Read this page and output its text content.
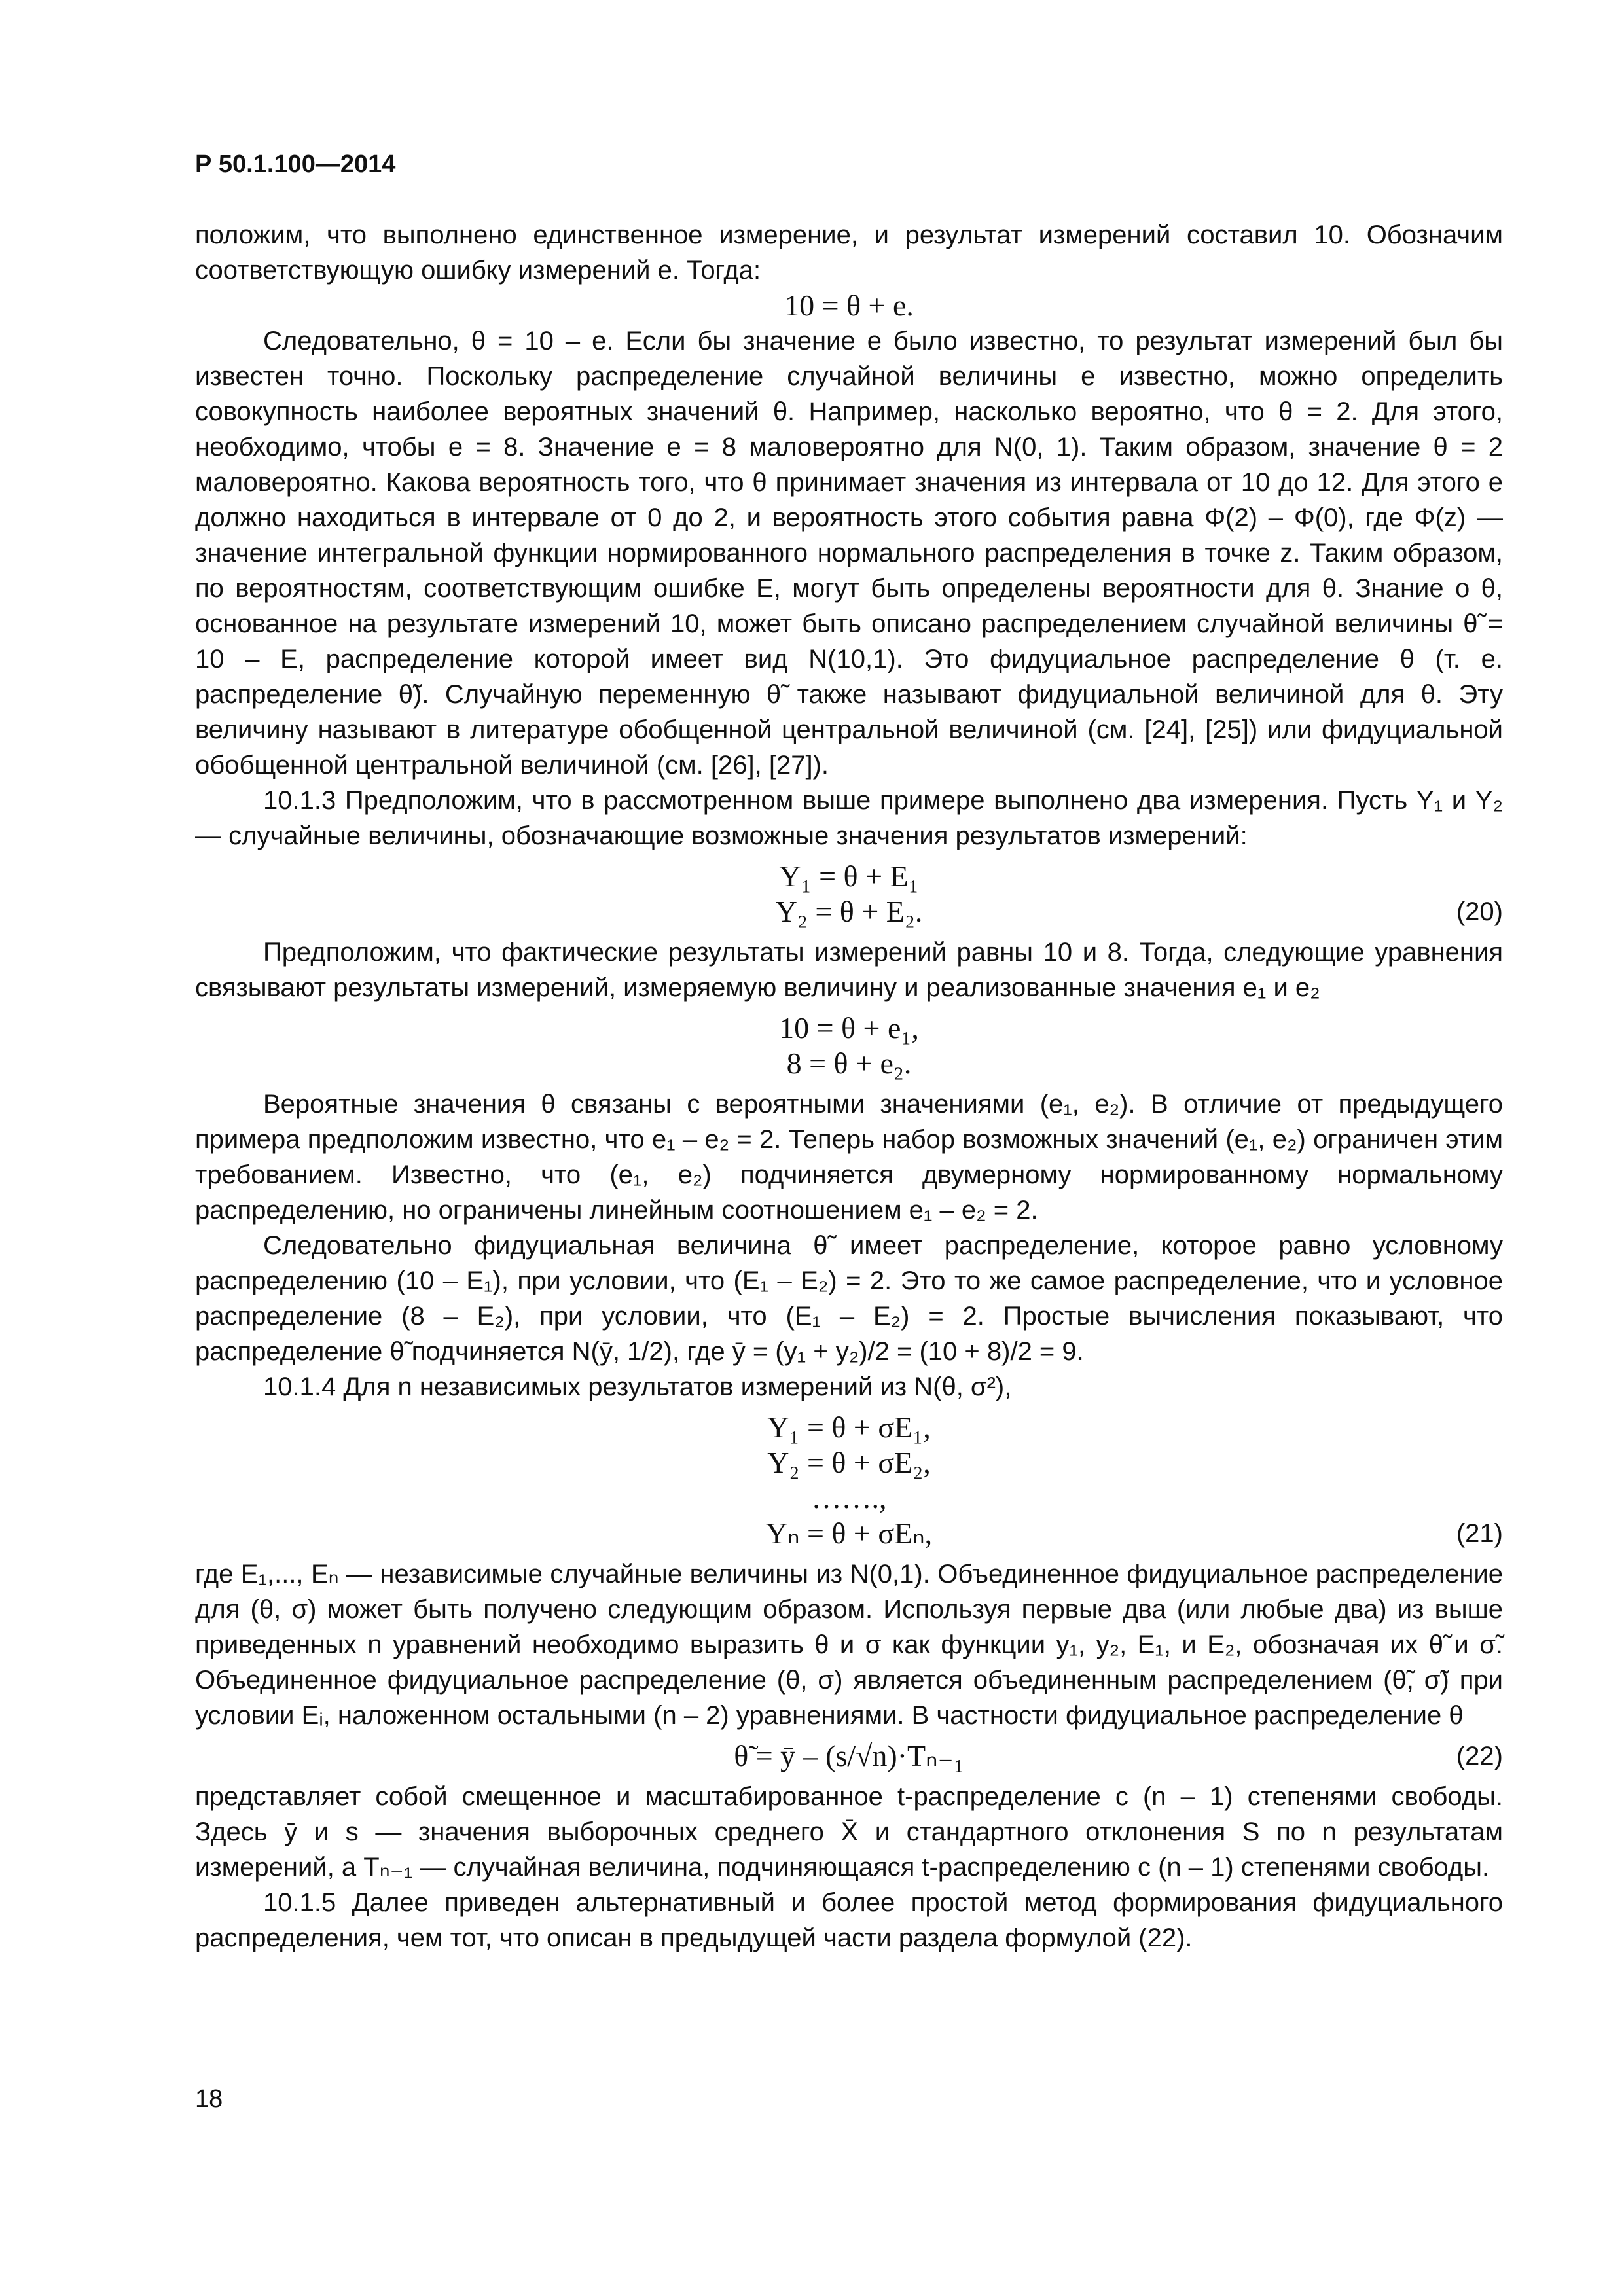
Р 50.1.100—2014

положим, что выполнено единственное измерение, и результат измерений составил 10. Обозначим соответствующую ошибку измерений e. Тогда:

10 = θ + e.

Следовательно, θ = 10 – e. Если бы значение e было известно, то результат измерений был бы известен точно. Поскольку распределение случайной величины e известно, можно определить совокупность наиболее вероятных значений θ. Например, насколько вероятно, что θ = 2. Для этого, необходимо, чтобы e = 8. Значение e = 8 маловероятно для N(0, 1). Таким образом, значение θ = 2 маловероятно. Какова вероятность того, что θ принимает значения из интервала от 10 до 12. Для этого e должно находиться в интервале от 0 до 2, и вероятность этого события равна Φ(2) – Φ(0), где Φ(z) — значение интегральной функции нормированного нормального распределения в точке z. Таким образом, по вероятностям, соответствующим ошибке E, могут быть определены вероятности для θ. Знание о θ, основанное на результате измерений 10, может быть описано распределением случайной величины θ̃ = 10 – E, распределение которой имеет вид N(10,1). Это фидуциальное распределение θ (т. е. распределение θ̃). Случайную переменную θ̃ также называют фидуциальной величиной для θ. Эту величину называют в литературе обобщенной центральной величиной (см. [24], [25]) или фидуциальной обобщенной центральной величиной (см. [26], [27]).

10.1.3 Предположим, что в рассмотренном выше примере выполнено два измерения. Пусть Y₁ и Y₂ — случайные величины, обозначающие возможные значения результатов измерений:

Y₁ = θ + E₁

Y₂ = θ + E₂.	(20)

Предположим, что фактические результаты измерений равны 10 и 8. Тогда, следующие уравнения связывают результаты измерений, измеряемую величину и реализованные значения e₁ и e₂

10 = θ + e₁,

8 = θ + e₂.

Вероятные значения θ связаны с вероятными значениями (e₁, e₂). В отличие от предыдущего примера предположим известно, что e₁ – e₂ = 2. Теперь набор возможных значений (e₁, e₂) ограничен этим требованием. Известно, что (e₁, e₂) подчиняется двумерному нормированному нормальному распределению, но ограничены линейным соотношением e₁ – e₂ = 2.

Следовательно фидуциальная величина θ̃ имеет распределение, которое равно условному распределению (10 – E₁), при условии, что (E₁ – E₂) = 2. Это то же самое распределение, что и условное распределение (8 – E₂), при условии, что (E₁ – E₂) = 2. Простые вычисления показывают, что распределение θ̃ подчиняется N(ȳ, 1/2), где ȳ = (y₁ + y₂)/2 = (10 + 8)/2 = 9.

10.1.4 Для n независимых результатов измерений из N(θ, σ²),

Y₁ = θ + σE₁,

Y₂ = θ + σE₂,

…….,

Yₙ = θ + σEₙ,	(21)

где E₁,..., Eₙ — независимые случайные величины из N(0,1). Объединенное фидуциальное распределение для (θ, σ) может быть получено следующим образом. Используя первые два (или любые два) из выше приведенных n уравнений необходимо выразить θ и σ как функции y₁, y₂, E₁, и E₂, обозначая их θ̃ и σ̃. Объединенное фидуциальное распределение (θ, σ) является объединенным распределением (θ̃, σ̃) при условии Eᵢ, наложенном остальными (n – 2) уравнениями. В частности фидуциальное распределение θ

θ̃ = ȳ – (s/√n)·Tₙ₋₁	(22)

представляет собой смещенное и масштабированное t-распределение с (n – 1) степенями свободы. Здесь ȳ и s — значения выборочных среднего X̄ и стандартного отклонения S по n результатам измерений, а Tₙ₋₁ — случайная величина, подчиняющаяся t-распределению с (n – 1) степенями свободы.

10.1.5 Далее приведен альтернативный и более простой метод формирования фидуциального распределения, чем тот, что описан в предыдущей части раздела формулой (22).

18
